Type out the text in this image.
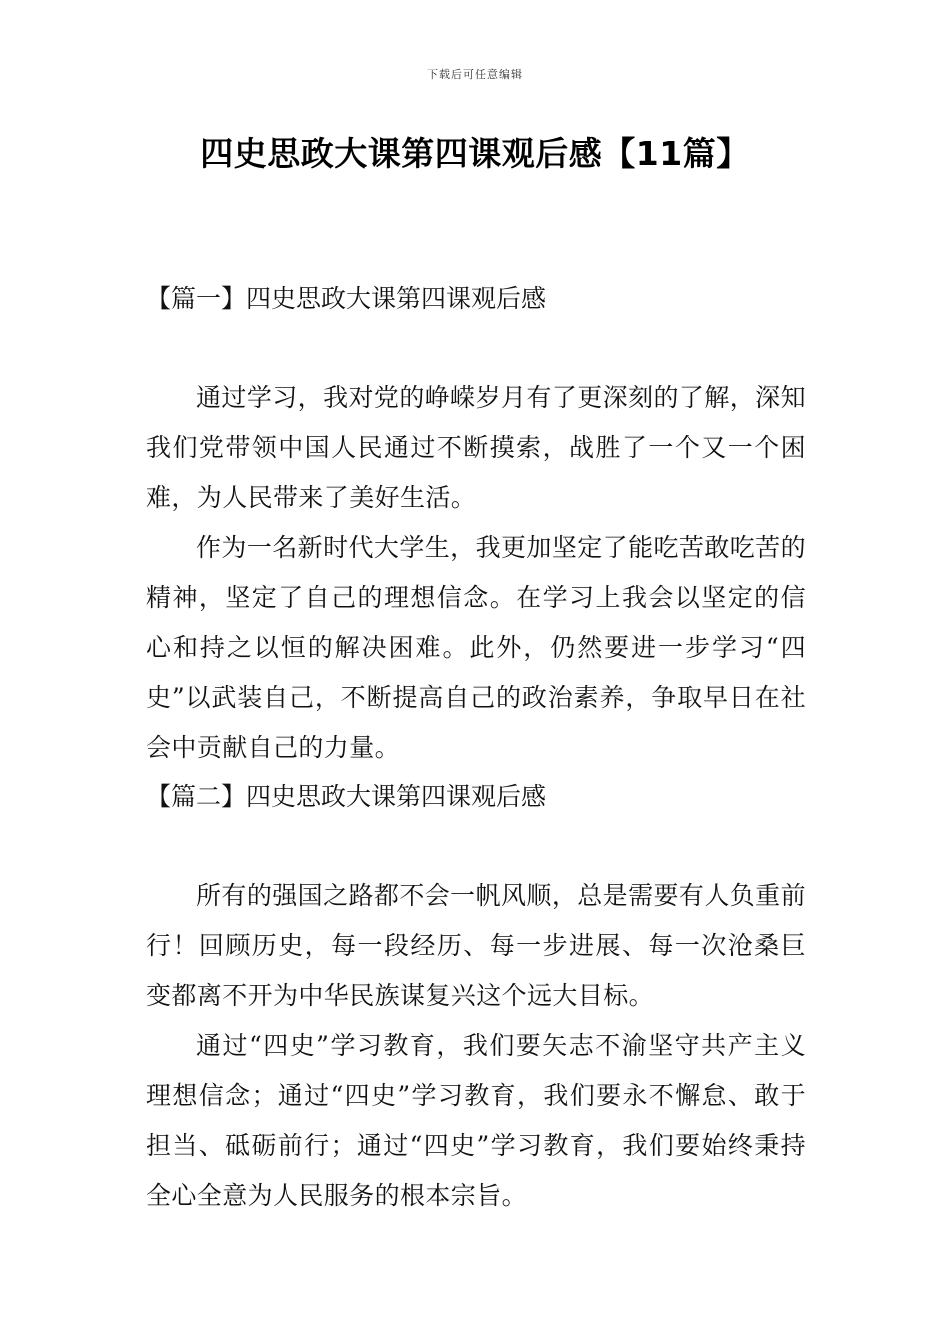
下载后可任意编辑
四史思政大课第四课观后感【11篇】
【篇一】四史思政大课第四课观后感

通过学习，我对党的峥嵘岁月有了更深刻的了解，深知我们党带领中国人民通过不断摸索，战胜了一个又一个困难，为人民带来了美好生活。

作为一名新时代大学生，我更加坚定了能吃苦敢吃苦的精神，坚定了自己的理想信念。在学习上我会以坚定的信心和持之以恒的解决困难。此外，仍然要进一步学习“四史”以武装自己，不断提高自己的政治素养，争取早日在社会中贡献自己的力量。

【篇二】四史思政大课第四课观后感

所有的强国之路都不会一帆风顺，总是需要有人负重前行！回顾历史，每一段经历、每一步进展、每一次沧桑巨变都离不开为中华民族谋复兴这个远大目标。

通过“四史”学习教育，我们要矢志不渝坚守共产主义理想信念；通过“四史”学习教育，我们要永不懈怠、敢于担当、砥砺前行；通过“四史”学习教育，我们要始终秉持全心全意为人民服务的根本宗旨。
